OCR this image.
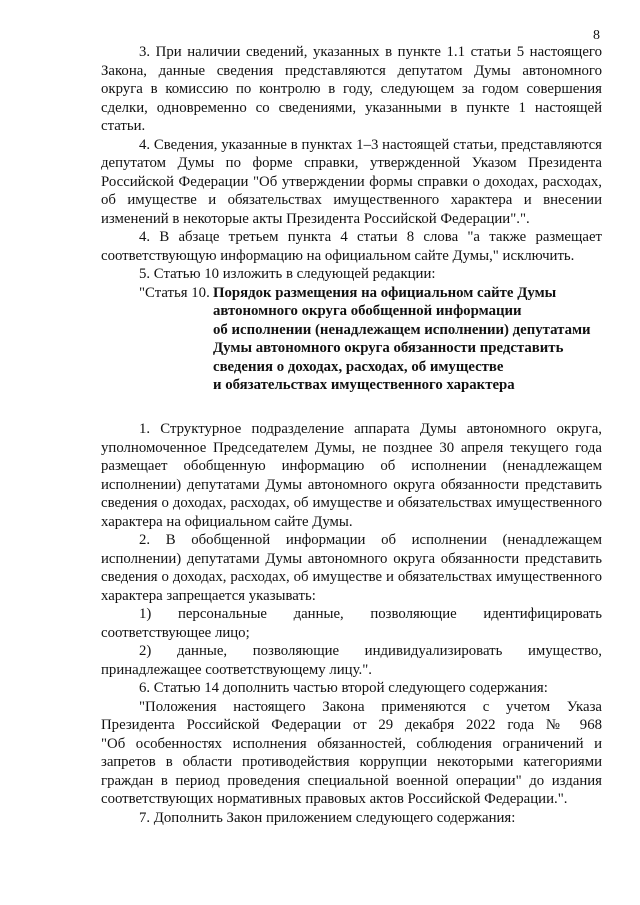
8
3. При наличии сведений, указанных в пункте 1.1 статьи 5 настоящего
Закона, данные сведения представляются депутатом Думы автономного
округа в комиссию по контролю в году, следующем за годом совершения
сделки, одновременно со сведениями, указанными в пункте 1 настоящей
статьи.
4. Сведения, указанные в пунктах 1–3 настоящей статьи, представляются
депутатом Думы по форме справки, утвержденной Указом Президента
Российской Федерации "Об утверждении формы справки о доходах, расходах,
об имуществе и обязательствах имущественного характера и внесении
изменений в некоторые акты Президента Российской Федерации".".
4. В абзаце третьем пункта 4 статьи 8 слова "а также размещает
соответствующую информацию на официальном сайте Думы," исключить.
5. Статью 10 изложить в следующей редакции:
"Статья 10. Порядок размещения на официальном сайте Думы
автономного округа обобщенной информации
об исполнении (ненадлежащем исполнении) депутатами
Думы автономного округа обязанности представить
сведения о доходах, расходах, об имуществе
и обязательствах имущественного характера
1. Структурное подразделение аппарата Думы автономного округа,
уполномоченное Председателем Думы, не позднее 30 апреля текущего года
размещает обобщенную информацию об исполнении (ненадлежащем
исполнении) депутатами Думы автономного округа обязанности представить
сведения о доходах, расходах, об имуществе и обязательствах имущественного
характера на официальном сайте Думы.
2. В обобщенной информации об исполнении (ненадлежащем
исполнении) депутатами Думы автономного округа обязанности представить
сведения о доходах, расходах, об имуществе и обязательствах имущественного
характера запрещается указывать:
1) персональные данные, позволяющие идентифицировать
соответствующее лицо;
2) данные, позволяющие индивидуализировать имущество,
принадлежащее соответствующему лицу.".
6. Статью 14 дополнить частью второй следующего содержания:
"Положения настоящего Закона применяются с учетом Указа
Президента Российской Федерации от 29 декабря 2022 года № 968
"Об особенностях исполнения обязанностей, соблюдения ограничений и
запретов в области противодействия коррупции некоторыми категориями
граждан в период проведения специальной военной операции" до издания
соответствующих нормативных правовых актов Российской Федерации.".
7. Дополнить Закон приложением следующего содержания:
